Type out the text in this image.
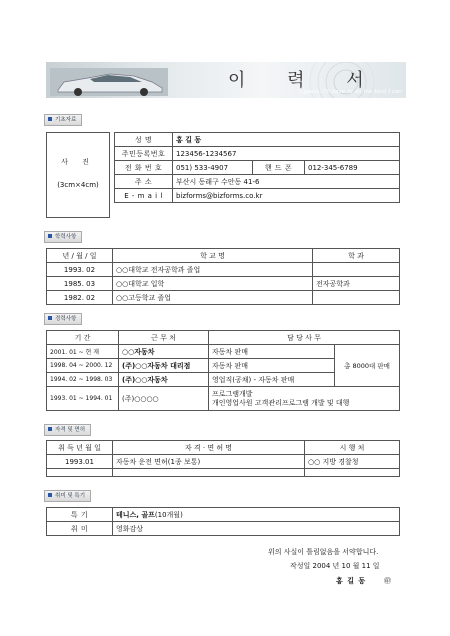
이 력 서
I guess, I'll have to do the best I can
기초자료
사 진
(3cm×4cm)
성 명	홍 길 동		
주민등록번호	123456-1234567		
전 화 번 호	051) 533-4907	핸 드 폰	012-345-6789
주 소	부산시 동래구 수안동 41-6		
E - m a i l	bizforms@bizforms.co.kr		
학력사항
년 / 월 / 일	학 교 명	학 과
1993. 02	○○대학교 전자공학과 졸업	
1985. 03	○○대학교 입학	전자공학과
1982. 02	○○고등학교 졸업	
경력사항
기 간	근 무 처	담 당 사 무	
2001. 01 ~ 현 재	○○자동차	자동차 판매	총 8000대 판매
1998. 04 ~ 2000. 12	(주)○○자동차 대리점	자동차 판매	
1994. 02 ~ 1998. 03	(주)○○자동차	영업직(공채) - 자동차 판매	
1993. 01 ~ 1994. 01	(주)○○○○	프로그램개발
개인영업사원 고객관리프로그램 개발 및 대행	
자격 및 면허
취 득 년 월 일	자 격 · 면 허 명	시 행 처
1993.01	자동차 운전 면허(1종 보통)	○○ 지방 경찰청

취미 및 특기
특 기	테니스, 골프(10개월)
취 미	영화감상
위의 사실이 틀림없음을 서약합니다.
작성일 2004 년 10 월 11 일
홍 길 동	㊞
